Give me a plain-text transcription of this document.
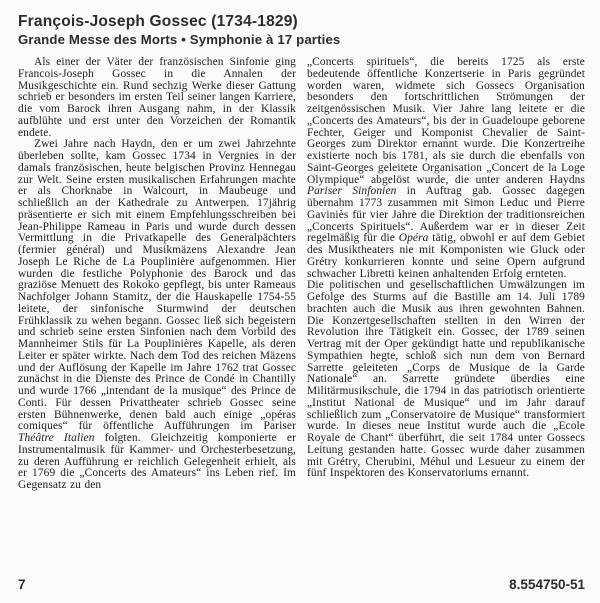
François-Joseph Gossec (1734-1829)
Grande Messe des Morts • Symphonie à 17 parties

Als einer der Väter der französischen Sinfonie ging Francois-Joseph Gossec in die Annalen der Musikgeschichte ein. Rund sechzig Werke dieser Gattung schrieb er besonders im ersten Teil seiner langen Karriere, die vom Barock ihren Ausgang nahm, in der Klassik aufblühte und erst unter den Vorzeichen der Romantik endete.

Zwei Jahre nach Haydn, den er um zwei Jahrzehnte überleben sollte, kam Gossec 1734 in Vergnies in der damals französischen, heute belgischen Provinz Hennegau zur Welt. Seine ersten musikalischen Erfahrungen machte er als Chorknabe in Walcourt, in Maubeuge und schließlich an der Kathedrale zu Antwerpen. 17jährig präsentierte er sich mit einem Empfehlungsschreiben bei Jean-Philippe Rameau in Paris und wurde durch dessen Vermittlung in die Privatkapelle des Generalpächters (fermier général) und Musikmäzens Alexandre Jean Joseph Le Riche de La Pouplinière aufgenommen. Hier wurden die festliche Polyphonie des Barock und das graziöse Menuett des Rokoko gepflegt, bis unter Rameaus Nachfolger Johann Stamitz, der die Hauskapelle 1754-55 leitete, der sinfonische Sturmwind der deutschen Frühklassik zu wehen begann. Gossec ließ sich begeistern und schrieb seine ersten Sinfonien nach dem Vorbild des Mannheimer Stils für La Pouplinières Kapelle, als deren Leiter er später wirkte. Nach dem Tod des reichen Mäzens und der Auflösung der Kapelle im Jahre 1762 trat Gossec zunächst in die Dienste des Prince de Condé in Chantilly und wurde 1766 „intendant de la musique“ des Prince de Conti. Für dessen Privattheater schrieb Gossec seine ersten Bühnenwerke, denen bald auch einige „opéras comiques“ für öffentliche Aufführungen im Pariser Théâtre Italien folgten. Gleichzeitig komponierte er Instrumentalmusik für Kammer- und Orchesterbesetzung, zu deren Aufführung er reichlich Gelegenheit erhielt, als er 1769 die „Concerts des Amateurs“ ins Leben rief. Im Gegensatz zu den

„Concerts spirituels“, die bereits 1725 als erste bedeutende öffentliche Konzertserie in Paris gegründet worden waren, widmete sich Gossecs Organisation besonders den fortschrittlichen Strömungen der zeitgenössischen Musik. Vier Jahre lang leitete er die „Concerts des Amateurs“, bis der in Guadeloupe geborene Fechter, Geiger und Komponist Chevalier de Saint-Georges zum Direktor ernannt wurde. Die Konzertreihe existierte noch bis 1781, als sie durch die ebenfalls von Saint-Georges geleitete Organisation „Concert de la Loge Olympique“ abgelöst wurde, die unter anderen Haydns Pariser Sinfonien in Auftrag gab. Gossec dagegen übernahm 1773 zusammen mit Simon Leduc und Pierre Gaviniès für vier Jahre die Direktion der traditionsreichen „Concerts Spirituels“. Außerdem war er in dieser Zeit regelmäßig für die Opéra tätig, obwohl er auf dem Gebiet des Musiktheaters nie mit Komponisten wie Gluck oder Grétry konkurrieren konnte und seine Opern aufgrund schwacher Libretti keinen anhaltenden Erfolg ernteten.

Die politischen und gesellschaftlichen Umwälzungen im Gefolge des Sturms auf die Bastille am 14. Juli 1789 brachten auch die Musik aus ihren gewohnten Bahnen. Die Konzertgesellschaften stellten in den Wirren der Revolution ihre Tätigkeit ein. Gossec, der 1789 seinen Vertrag mit der Oper gekündigt hatte und republikanische Sympathien hegte, schloß sich nun dem von Bernard Sarrette geleiteten „Corps de Musique de la Garde Nationale“ an. Sarrette gründete überdies eine Militärmusikschule, die 1794 in das patriotisch orientierte „Institut National de Musique“ und im Jahr darauf schließlich zum „Conservatoire de Musique“ transformiert wurde. In dieses neue Institut wurde auch die „Ecole Royale de Chant“ überführt, die seit 1784 unter Gossecs Leitung gestanden hatte. Gossec wurde daher zusammen mit Grétry, Cherubini, Méhul und Lesueur zu einem der fünf Inspektoren des Konservatoriums ernannt.

7	8.554750-51
